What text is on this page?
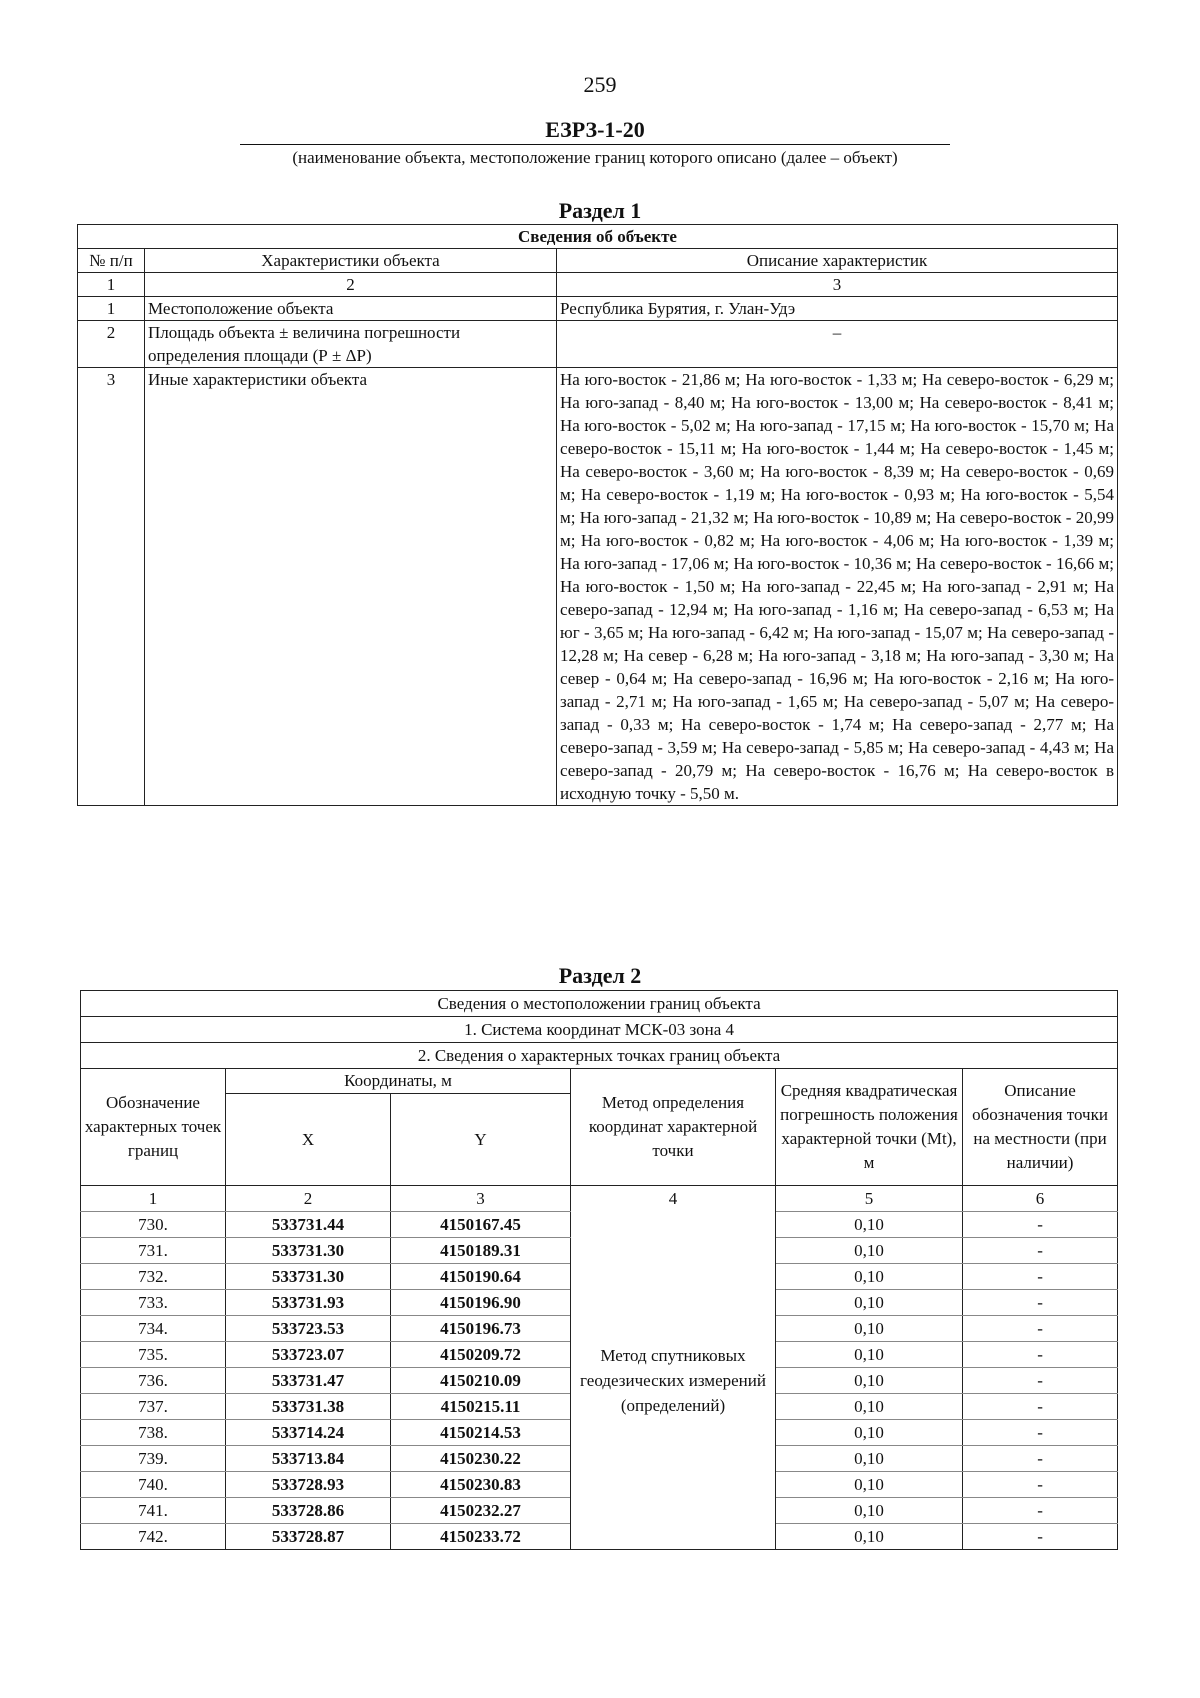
259
ЕЗРЗ-1-20
(наименование объекта, местоположение границ которого описано (далее – объект)
Раздел 1
Сведения об объекте		
№ п/п	Характеристики объекта	Описание характеристик
1	2	3
1	Местоположение объекта	Республика Бурятия, г. Улан-Удэ
2	Площадь объекта ± величина погрешности определения площади (Р ± ΔР)	–
3	Иные характеристики объекта	На юго-восток - 21,86 м; На юго-восток - 1,33 м; На северо-восток - 6,29 м; На юго-запад - 8,40 м; На юго-восток - 13,00 м; На северо-восток - 8,41 м; На юго-восток - 5,02 м; На юго-запад - 17,15 м; На юго-восток - 15,70 м; На северо-восток - 15,11 м; На юго-восток - 1,44 м; На северо-восток - 1,45 м; На северо-восток - 3,60 м; На юго-восток - 8,39 м; На северо-восток - 0,69 м; На северо-восток - 1,19 м; На юго-восток - 0,93 м; На юго-восток - 5,54 м; На юго-запад - 21,32 м; На юго-восток - 10,89 м; На северо-восток - 20,99 м; На юго-восток - 0,82 м; На юго-восток - 4,06 м; На юго-восток - 1,39 м; На юго-запад - 17,06 м; На юго-восток - 10,36 м; На северо-восток - 16,66 м; На юго-восток - 1,50 м; На юго-запад - 22,45 м; На юго-запад - 2,91 м; На северо-запад - 12,94 м; На юго-запад - 1,16 м; На северо-запад - 6,53 м; На юг - 3,65 м; На юго-запад - 6,42 м; На юго-запад - 15,07 м; На северо-запад - 12,28 м; На север - 6,28 м; На юго-запад - 3,18 м; На юго-запад - 3,30 м; На север - 0,64 м; На северо-запад - 16,96 м; На юго-восток - 2,16 м; На юго-запад - 2,71 м; На юго-запад - 1,65 м; На северо-запад - 5,07 м; На северо-запад - 0,33 м; На северо-восток - 1,74 м; На северо-запад - 2,77 м; На северо-запад - 3,59 м; На северо-запад - 5,85 м; На северо-запад - 4,43 м; На северо-запад - 20,79 м; На северо-восток - 16,76 м; На северо-восток в исходную точку - 5,50 м.
Раздел 2
Сведения о местоположении границ объекта					
1. Система координат МСК-03 зона 4					
2. Сведения о характерных точках границ объекта					
Обозначение характерных точек границ	Координаты, м		Метод определения координат характерной точки	Средняя квадратическая погрешность положения характерной точки (Mt), м	Описание обозначения точки на местности (при наличии)
	X	Y			
1	2	3	4	5	6
730.	533731.44	4150167.45	Метод спутниковых геодезических измерений (определений)	0,10	-
731.	533731.30	4150189.31		0,10	-
732.	533731.30	4150190.64		0,10	-
733.	533731.93	4150196.90		0,10	-
734.	533723.53	4150196.73		0,10	-
735.	533723.07	4150209.72		0,10	-
736.	533731.47	4150210.09		0,10	-
737.	533731.38	4150215.11		0,10	-
738.	533714.24	4150214.53		0,10	-
739.	533713.84	4150230.22		0,10	-
740.	533728.93	4150230.83		0,10	-
741.	533728.86	4150232.27		0,10	-
742.	533728.87	4150233.72		0,10	-
